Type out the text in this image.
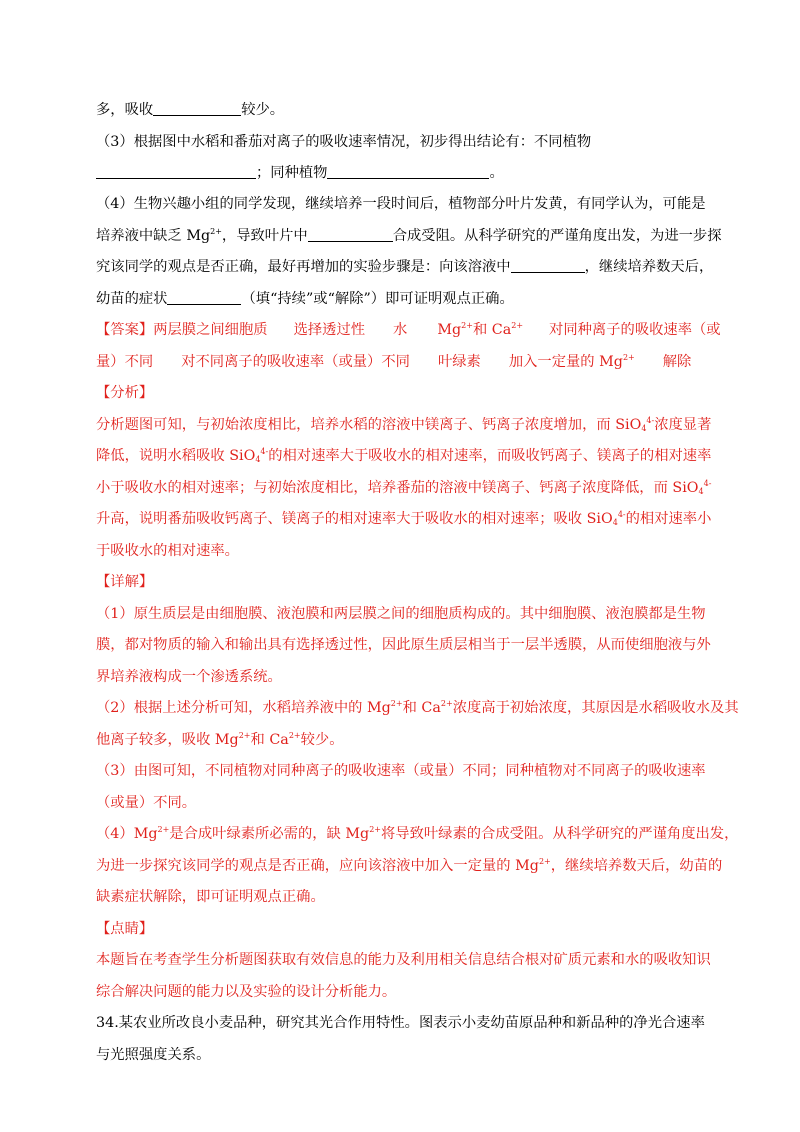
多，吸收	较少。
（3）根据图中水稻和番茄对离子的吸收速率情况，初步得出结论有：不同植物
；同种植物	。
（4）生物兴趣小组的同学发现，继续培养一段时间后，植物部分叶片发黄，有同学认为，可能是
培养液中缺乏 $Mg^{2+}$，导致叶片中	合成受阻。从科学研究的严谨角度出发，为进一步探
究该同学的观点是否正确，最好再增加的实验步骤是：向该溶液中	，继续培养数天后，
幼苗的症状	（填“持续”或“解除”）即可证明观点正确。
【答案】两层膜之间细胞质 选择透过性 水 $Mg^{2+}$和 $Ca^{2+}$ 对同种离子的吸收速率（或
量）不同 对不同离子的吸收速率（或量）不同 叶绿素 加入一定量的 $Mg^{2+}$ 解除
【分析】
分析题图可知，与初始浓度相比，培养水稻的溶液中镁离子、钙离子浓度增加，而 SiO$_4^{4-}$浓度显著
降低，说明水稻吸收 SiO$_4^{4-}$的相对速率大于吸收水的相对速率，而吸收钙离子、镁离子的相对速率
小于吸收水的相对速率；与初始浓度相比，培养番茄的溶液中镁离子、钙离子浓度降低，而 SiO$_4^{4-}$
升高，说明番茄吸收钙离子、镁离子的相对速率大于吸收水的相对速率；吸收 SiO$_4^{4-}$的相对速率小
于吸收水的相对速率。
【详解】
（1）原生质层是由细胞膜、液泡膜和两层膜之间的细胞质构成的。其中细胞膜、液泡膜都是生物
膜，都对物质的输入和输出具有选择透过性，因此原生质层相当于一层半透膜，从而使细胞液与外
界培养液构成一个渗透系统。
（2）根据上述分析可知，水稻培养液中的 $Mg^{2+}$和 $Ca^{2+}$浓度高于初始浓度，其原因是水稻吸收水及其
他离子较多，吸收 $Mg^{2+}$和 $Ca^{2+}$较少。
（3）由图可知，不同植物对同种离子的吸收速率（或量）不同；同种植物对不同离子的吸收速率
（或量）不同。
$(4)Mg^{2+}$是合成叶绿素所必需的，缺 $Mg^{2+}$将导致叶绿素的合成受阻。从科学研究的严谨角度出发，
为进一步探究该同学的观点是否正确，应向该溶液中加入一定量的 $Mg^{2+}$，继续培养数天后，幼苗的
缺素症状解除，即可证明观点正确。
【点睛】
本题旨在考查学生分析题图获取有效信息的能力及利用相关信息结合根对矿质元素和水的吸收知识
综合解决问题的能力以及实验的设计分析能力。
34.某农业所改良小麦品种，研究其光合作用特性。图表示小麦幼苗原品种和新品种的净光合速率
与光照强度关系。
